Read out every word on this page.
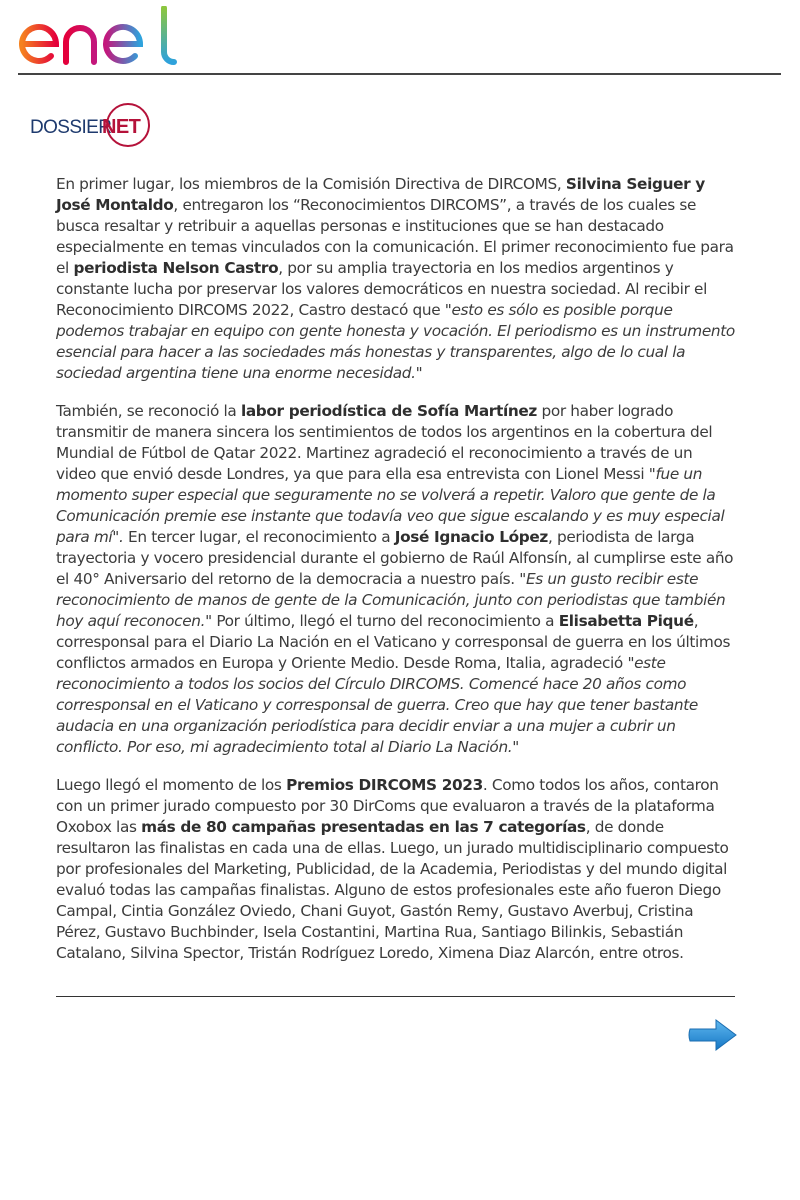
DOSSIER
NET

En primer lugar, los miembros de la Comisión Directiva de DIRCOMS, Silvina Seiguer y José Montaldo, entregaron los “Reconocimientos DIRCOMS”, a través de los cuales se busca resaltar y retribuir a aquellas personas e instituciones que se han destacado especialmente en temas vinculados con la comunicación. El primer reconocimiento fue para el periodista Nelson Castro, por su amplia trayectoria en los medios argentinos y constante lucha por preservar los valores democráticos en nuestra sociedad. Al recibir el Reconocimiento DIRCOMS 2022, Castro destacó que "esto es sólo es posible porque podemos trabajar en equipo con gente honesta y vocación. El periodismo es un instrumento esencial para hacer a las sociedades más honestas y transparentes, algo de lo cual la sociedad argentina tiene una enorme necesidad."

También, se reconoció la labor periodística de Sofía Martínez por haber logrado transmitir de manera sincera los sentimientos de todos los argentinos en la cobertura del Mundial de Fútbol de Qatar 2022. Martinez agradeció el reconocimiento a través de un video que envió desde Londres, ya que para ella esa entrevista con Lionel Messi "fue un momento super especial que seguramente no se volverá a repetir. Valoro que gente de la Comunicación premie ese instante que todavía veo que sigue escalando y es muy especial para mí". En tercer lugar, el reconocimiento a José Ignacio López, periodista de larga trayectoria y vocero presidencial durante el gobierno de Raúl Alfonsín, al cumplirse este año el 40° Aniversario del retorno de la democracia a nuestro país. "Es un gusto recibir este reconocimiento de manos de gente de la Comunicación, junto con periodistas que también hoy aquí reconocen." Por último, llegó el turno del reconocimiento a Elisabetta Piqué, corresponsal para el Diario La Nación en el Vaticano y corresponsal de guerra en los últimos conflictos armados en Europa y Oriente Medio. Desde Roma, Italia, agradeció "este reconocimiento a todos los socios del Círculo DIRCOMS. Comencé hace 20 años como corresponsal en el Vaticano y corresponsal de guerra. Creo que hay que tener bastante audacia en una organización periodística para decidir enviar a una mujer a cubrir un conflicto. Por eso, mi agradecimiento total al Diario La Nación."

Luego llegó el momento de los Premios DIRCOMS 2023. Como todos los años, contaron con un primer jurado compuesto por 30 DirComs que evaluaron a través de la plataforma Oxobox las más de 80 campañas presentadas en las 7 categorías, de donde resultaron las finalistas en cada una de ellas. Luego, un jurado multidisciplinario compuesto por profesionales del Marketing, Publicidad, de la Academia, Periodistas y del mundo digital evaluó todas las campañas finalistas. Alguno de estos profesionales este año fueron Diego Campal, Cintia González Oviedo, Chani Guyot, Gastón Remy, Gustavo Averbuj, Cristina Pérez, Gustavo Buchbinder, Isela Costantini, Martina Rua, Santiago Bilinkis, Sebastián Catalano, Silvina Spector, Tristán Rodríguez Loredo, Ximena Diaz Alarcón, entre otros.
